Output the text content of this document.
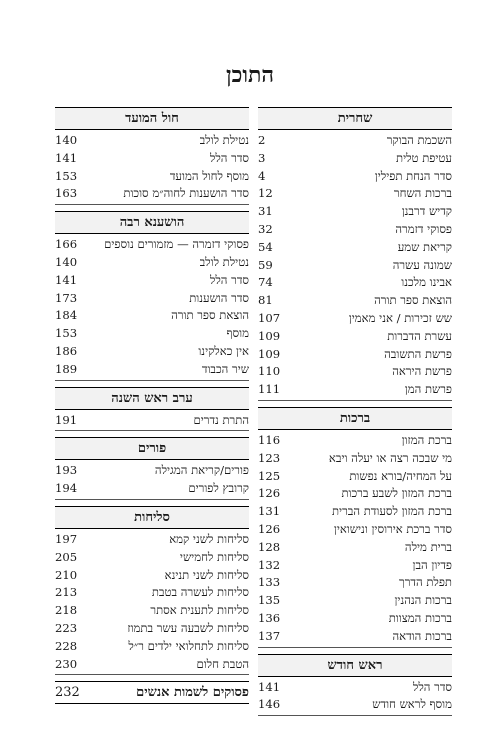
התוכן
שחרית
השכמת הבוקר
2
עטיפת טלית
3
סדר הנחת תפילין
4
ברכות השחר
12
קדיש דרבנן
31
פסוקי דזמרה
32
קריאת שמע
54
שמונה עשרה
59
אבינו מלכנו
74
הוצאת ספר תורה
81
שש זכירות / אני מאמין
107
עשרת הדברות
109
פרשת התשובה
109
פרשת היראה
110
פרשת המן
111
ברכות
ברכת המזון
116
מי שבכה רצה או יעלה ויבא
123
על המחיה/בורא נפשות
125
ברכת המזון לשבע ברכות
126
ברכת המזון לסעודת הברית
131
סדר ברכת אירוסין ונישואין
126
ברית מילה
128
פדיון הבן
132
תפלת הדרך
133
ברכות הנהנין
135
ברכות המצוות
136
ברכות הודאה
137
ראש חודש
סדר הלל
141
מוסף לראש חודש
146
חול המועד
נטילת לולב
140
סדר הלל
141
מוסף לחול המועד
153
סדר הושענות לחוה״מ סוכות
163
הושענא רבה
פסוקי דזמרה — מזמורים נוספים
166
נטילת לולב
140
סדר הלל
141
סדר הושענות
173
הוצאת ספר תורה
184
מוסף
153
אין כאלקינו
186
שיר הכבוד
189
ערב ראש השנה
התרת נדרים
191
פורים
פורים/קריאת המגילה
193
קרובץ לפורים
194
סליחות
סליחות לשני קמא
197
סליחות לחמישי
205
סליחות לשני תנינא
210
סליחות לעשרה בטבת
213
סליחות לתענית אסתר
218
סליחות לשבעה עשר בתמוז
223
סליחות לתחלואי ילדים ר״ל
228
הטבת חלום
230
פסוקים לשמות אנשים
232
